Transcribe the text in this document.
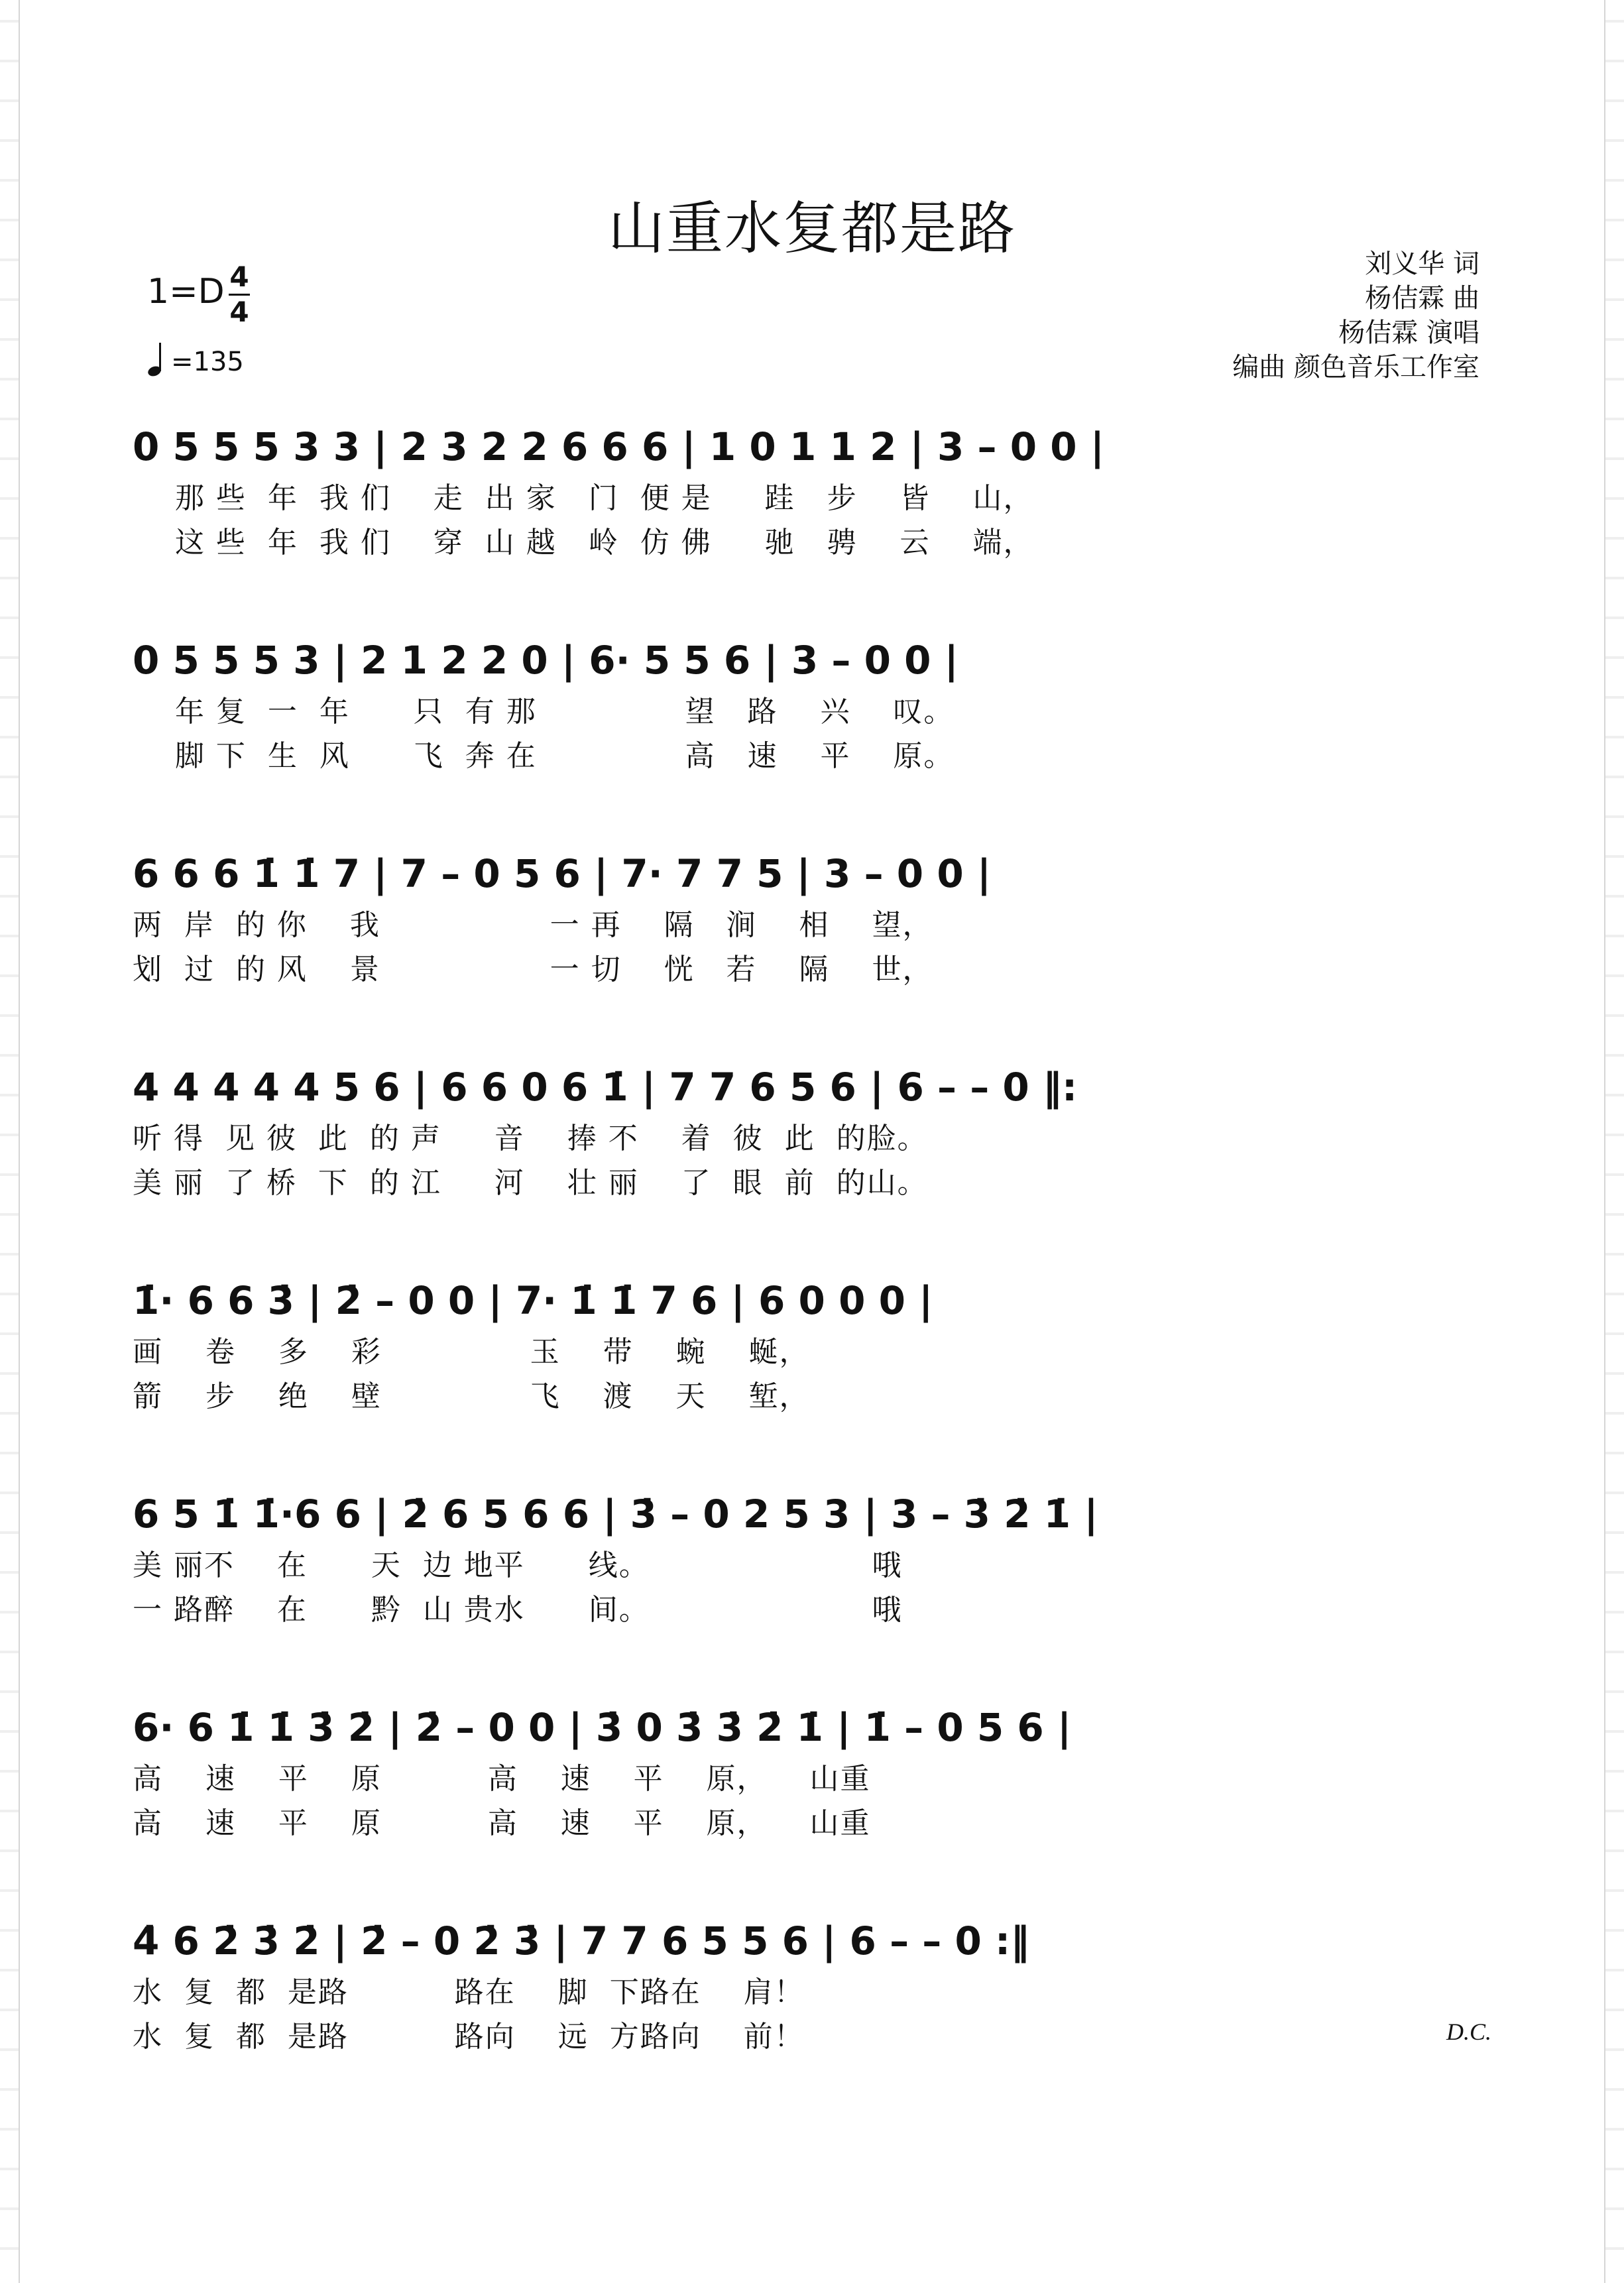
山重水复都是路
1=D 4
4
=135
刘义华 词
杨佶霖 曲
杨佶霖 演唱
编曲 颜色音乐工作室
0 5 5 5 3 3 | 2 3 2 2 6 6 6 | 1 0 1 1 2 | 3 – 0 0 |
那 些  年  我 们    走  出 家   门  便 是     跬   步    皆    山，
这 些  年  我 们    穿  山 越   岭  仿 佛     驰   骋    云    端，
0 5 5 5 3 | 2 1 2 2 0 | 6· 5 5 6 | 3 – 0 0 |
年 复  一  年      只  有 那              望   路    兴    叹。
脚 下  生  风      飞  奔 在              高   速    平    原。
6 6 6 1̇ 1̇ 7 | 7 – 0 5 6 | 7· 7 7 5 | 3 – 0 0 |
两  岸  的 你    我                一 再    隔   涧    相    望，
划  过  的 风    景                一 切    恍   若    隔    世，
4 4 4 4 4 5 6 | 6 6 0 6 1̇ | 7 7 6 5 6 | 6 – – 0 ‖:
听 得  见 彼  此  的 声     音    捧 不    着  彼  此  的脸。
美 丽  了 桥  下  的 江     河    壮 丽    了  眼  前  的山。
1̇· 6 6 3̇ | 2̇ – 0 0 | 7· 1̇ 1̇ 7 6 | 6 0 0 0 |
画    卷    多    彩              玉    带    蜿    蜒，
箭    步    绝    壁              飞    渡    天    堑，
6 5 1̇ 1̇·6 6 | 2̇ 6 5 6 6 | 3̇ – 0 2 5 3 | 3 – 3̇ 2̇ 1̇ |
美 丽不    在      天  边 地平      线。                     哦
一 路醉    在      黔  山 贵水      间。                     哦
6· 6 1̇ 1̇ 3̇ 2̇ | 2̇ – 0 0 | 3̇ 0 3̇ 3̇ 2̇ 1̇ | 1̇ – 0 5 6 |
高    速    平    原          高    速    平    原，    山重
高    速    平    原          高    速    平    原，    山重
4̇ 6 2̇ 3̇ 2̇ | 2̇ – 0 2̇ 3̇ | 7 7 6 5 5 6 | 6 – – 0 :‖
水  复  都  是路          路在    脚  下路在    肩！
水  复  都  是路          路向    远  方路向    前！	D.C.
